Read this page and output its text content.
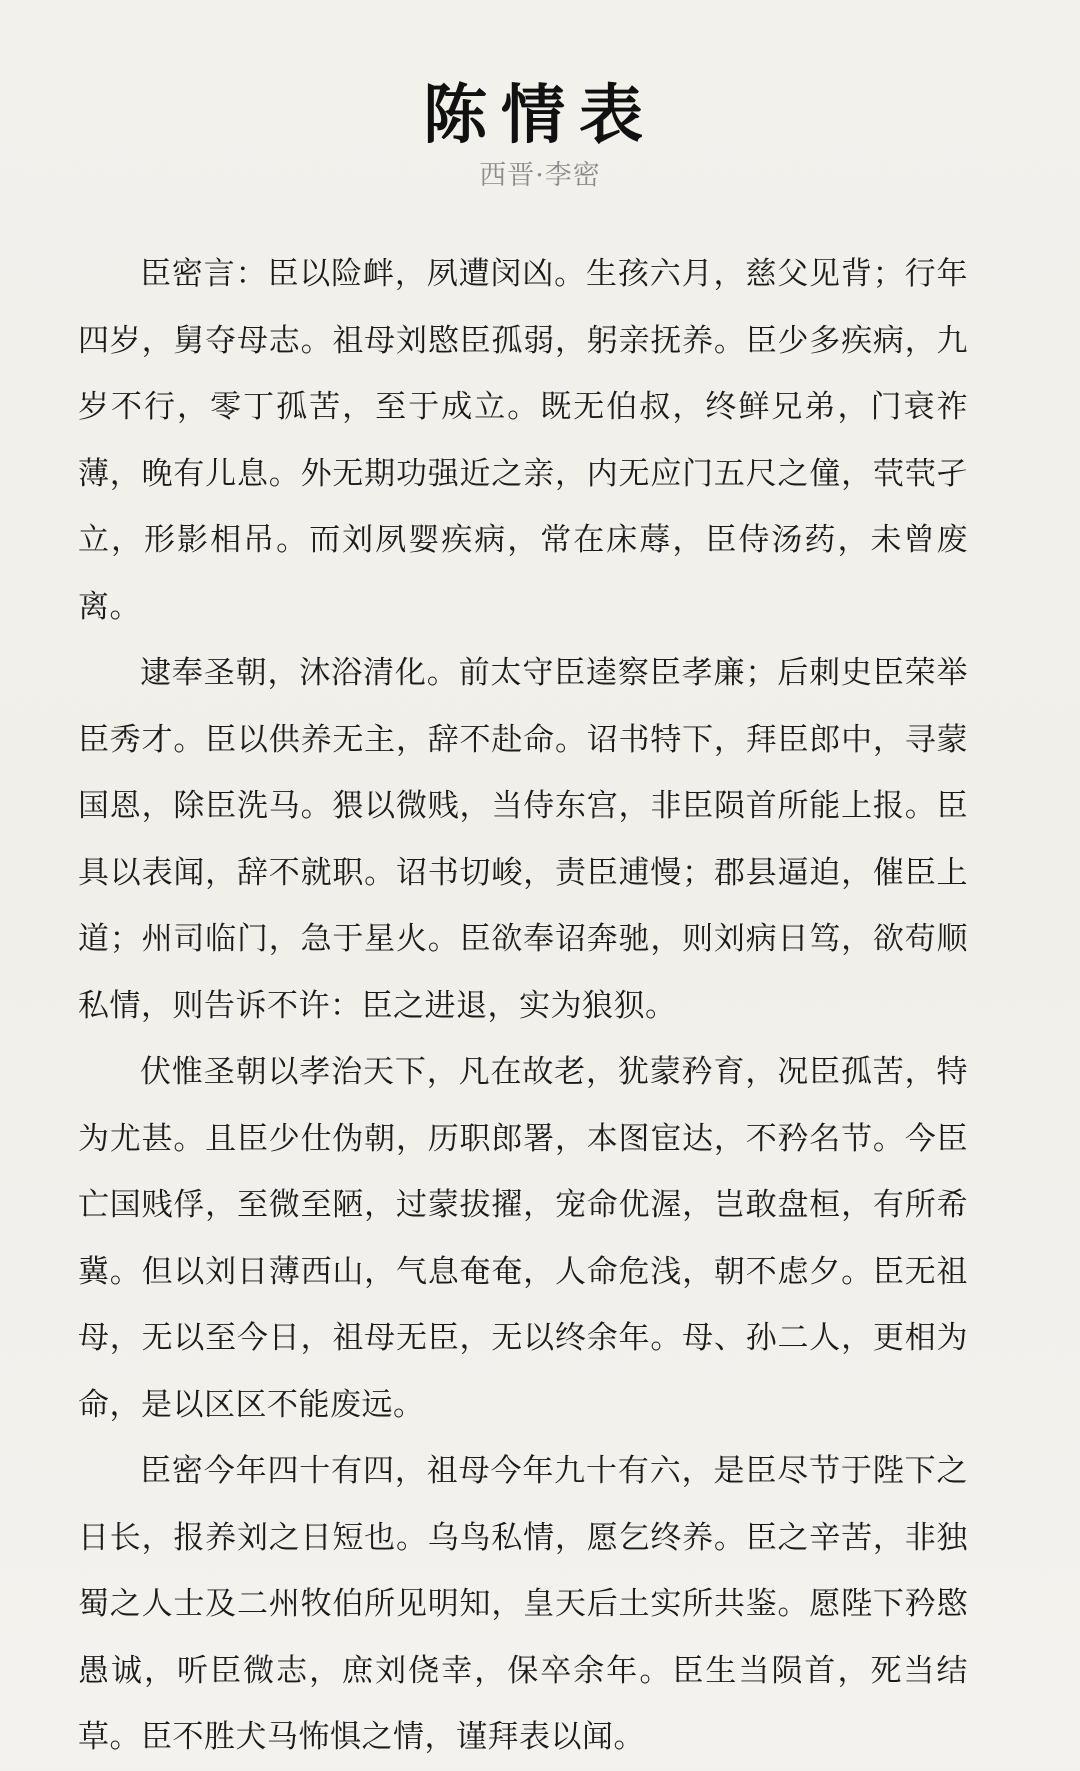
陈情表
西晋·李密

臣密言：臣以险衅，夙遭闵凶。生孩六月，慈父见背；行年四岁，舅夺母志。祖母刘愍臣孤弱，躬亲抚养。臣少多疾病，九岁不行，零丁孤苦，至于成立。既无伯叔，终鲜兄弟，门衰祚薄，晚有儿息。外无期功强近之亲，内无应门五尺之僮，茕茕孑立，形影相吊。而刘夙婴疾病，常在床蓐，臣侍汤药，未曾废离。

逮奉圣朝，沐浴清化。前太守臣逵察臣孝廉；后刺史臣荣举臣秀才。臣以供养无主，辞不赴命。诏书特下，拜臣郎中，寻蒙国恩，除臣洗马。猥以微贱，当侍东宫，非臣陨首所能上报。臣具以表闻，辞不就职。诏书切峻，责臣逋慢；郡县逼迫，催臣上道；州司临门，急于星火。臣欲奉诏奔驰，则刘病日笃，欲苟顺私情，则告诉不许：臣之进退，实为狼狈。

伏惟圣朝以孝治天下，凡在故老，犹蒙矜育，况臣孤苦，特为尤甚。且臣少仕伪朝，历职郎署，本图宦达，不矜名节。今臣亡国贱俘，至微至陋，过蒙拔擢，宠命优渥，岂敢盘桓，有所希冀。但以刘日薄西山，气息奄奄，人命危浅，朝不虑夕。臣无祖母，无以至今日，祖母无臣，无以终余年。母、孙二人，更相为命，是以区区不能废远。

臣密今年四十有四，祖母今年九十有六，是臣尽节于陛下之日长，报养刘之日短也。乌鸟私情，愿乞终养。臣之辛苦，非独蜀之人士及二州牧伯所见明知，皇天后土实所共鉴。愿陛下矜愍愚诚，听臣微志，庶刘侥幸，保卒余年。臣生当陨首，死当结草。臣不胜犬马怖惧之情，谨拜表以闻。
